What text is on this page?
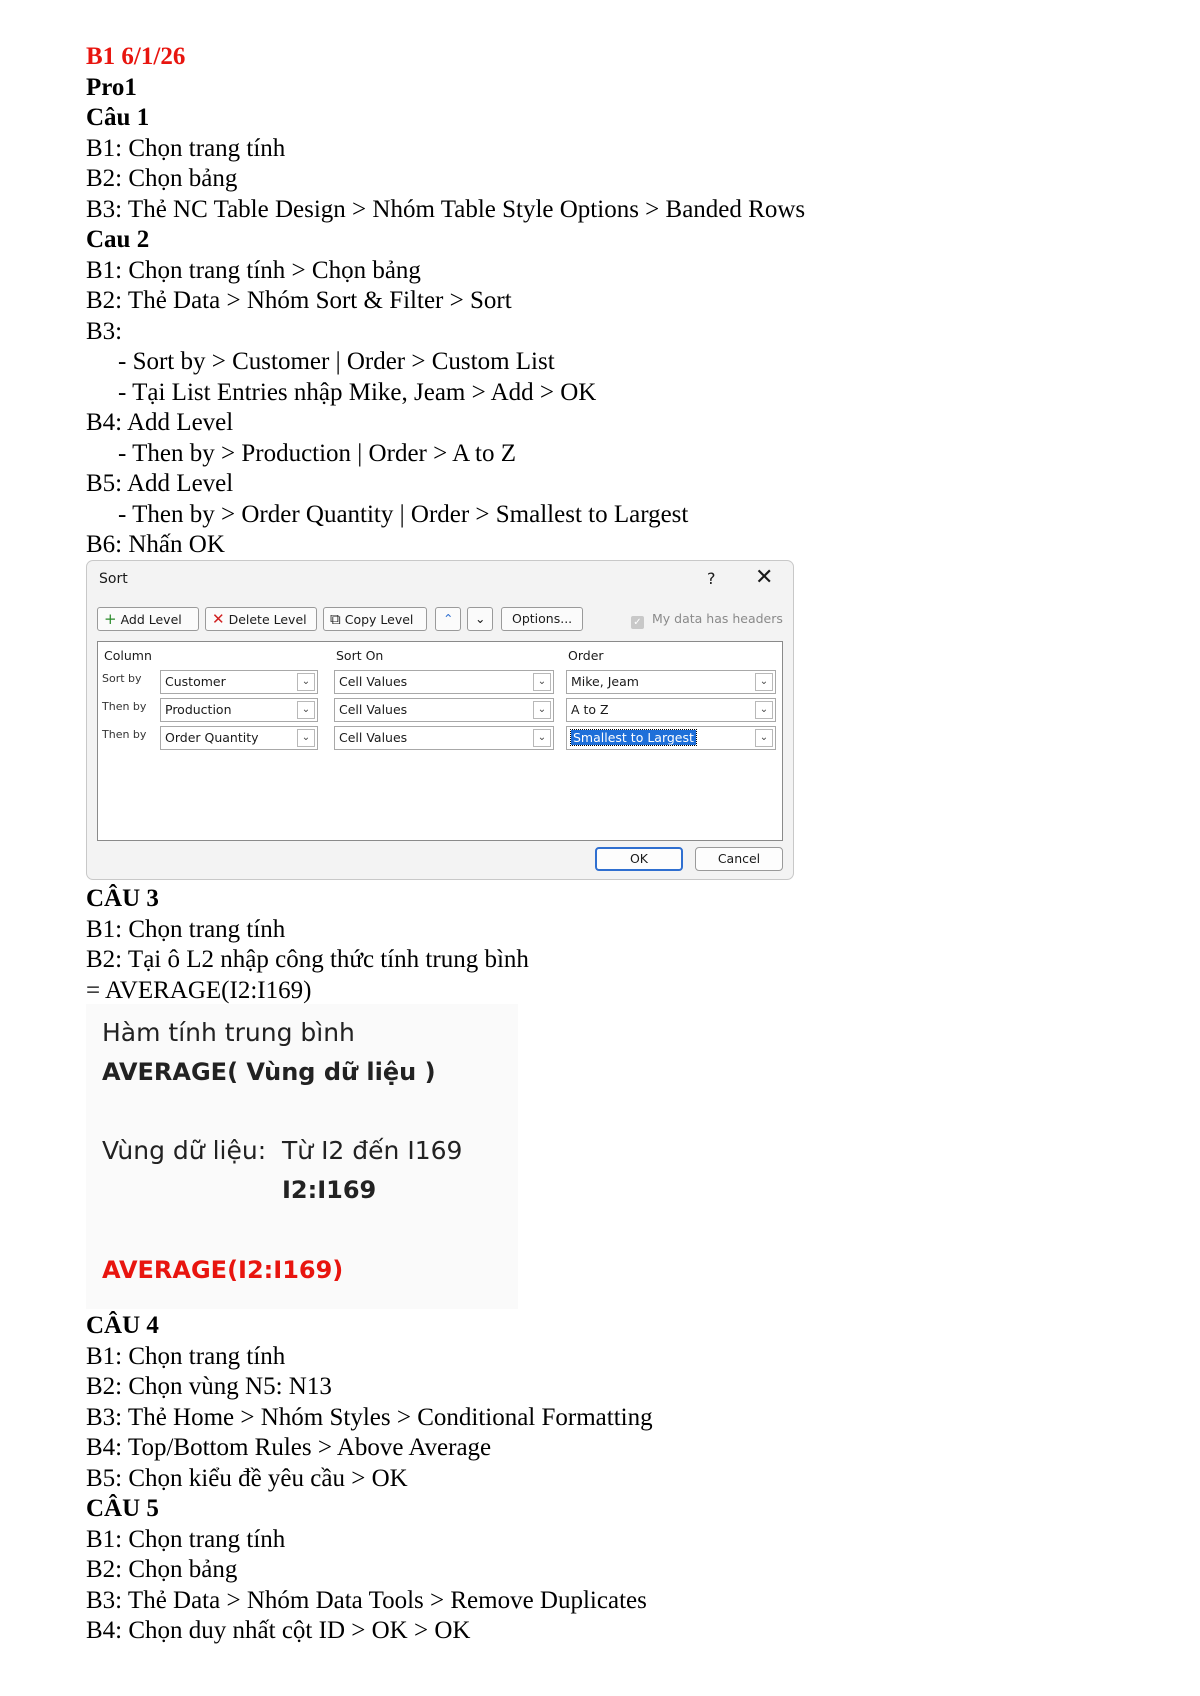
B1 6/1/26
Pro1
Câu 1
B1: Chọn trang tính
B2: Chọn bảng
B3: Thẻ NC Table Design > Nhóm Table Style Options > Banded Rows
Cau 2
B1: Chọn trang tính > Chọn bảng
B2: Thẻ Data > Nhóm Sort & Filter > Sort
B3:
- Sort by > Customer | Order > Custom List
- Tại List Entries nhập Mike, Jeam > Add > OK
B4: Add Level
- Then by > Production | Order > A to Z
B5: Add Level
- Then by > Order Quantity | Order > Smallest to Largest
B6: Nhấn OK
Sort	? ✕
+ Add Level	✕ Delete Level	⧉ Copy Level	⌃	⌄	Options...	✓ My data has headers
Column	Sort On	Order
Sort by	Customer	⌄	Cell Values	⌄	Mike, Jeam	⌄
Then by	Production	⌄	Cell Values	⌄	A to Z	⌄
Then by	Order Quantity	⌄	Cell Values	⌄	Smallest to Largest	⌄
OK	Cancel
CÂU 3
B1: Chọn trang tính
B2: Tại ô L2 nhập công thức tính trung bình
= AVERAGE(I2:I169)
Hàm tính trung bình
AVERAGE( Vùng dữ liệu )
Vùng dữ liệu: Từ I2 đến I169
I2:I169
AVERAGE(I2:I169)
CÂU 4
B1: Chọn trang tính
B2: Chọn vùng N5: N13
B3: Thẻ Home > Nhóm Styles > Conditional Formatting
B4: Top/Bottom Rules > Above Average
B5: Chọn kiểu đề yêu cầu > OK
CÂU 5
B1: Chọn trang tính
B2: Chọn bảng
B3: Thẻ Data > Nhóm Data Tools > Remove Duplicates
B4: Chọn duy nhất cột ID > OK > OK
